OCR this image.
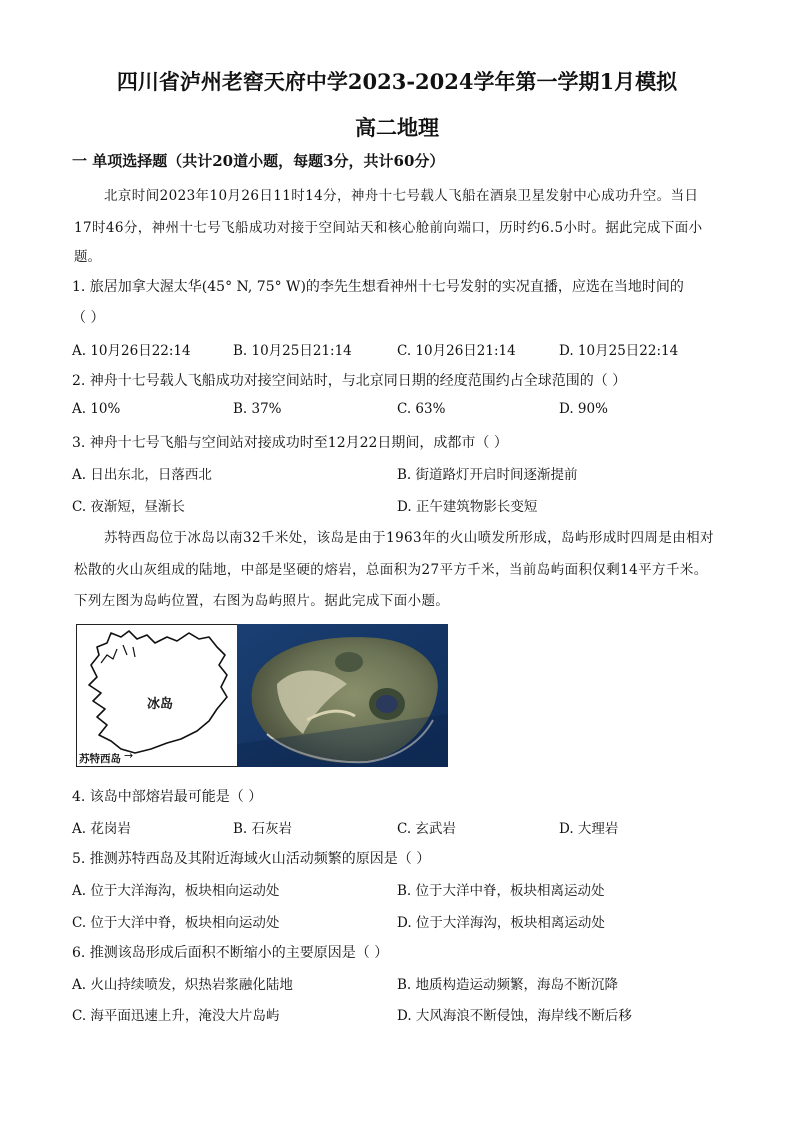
四川省泸州老窖天府中学2023-2024学年第一学期1月模拟
高二地理
一 单项选择题（共计20道小题，每题3分，共计60分）
北京时间2023年10月26日11时14分，神舟十七号载人飞船在酒泉卫星发射中心成功升空。当日
17时46分，神州十七号飞船成功对接于空间站天和核心舱前向端口，历时约6.5小时。据此完成下面小
题。
1. 旅居加拿大渥太华(45° N, 75° W)的李先生想看神州十七号发射的实况直播，应选在当地时间的
（ ）
A. 10月26日22:14	B. 10月25日21:14	C. 10月26日21:14	D. 10月25日22:14
2. 神舟十七号载人飞船成功对接空间站时，与北京同日期的经度范围约占全球范围的（ ）
A. 10%	B. 37%	C. 63%	D. 90%
3. 神舟十七号飞船与空间站对接成功时至12月22日期间，成都市（ ）
A. 日出东北，日落西北	B. 街道路灯开启时间逐渐提前
C. 夜渐短，昼渐长	D. 正午建筑物影长变短
苏特西岛位于冰岛以南32千米处，该岛是由于1963年的火山喷发所形成，岛屿形成时四周是由相对
松散的火山灰组成的陆地，中部是坚硬的熔岩，总面积为27平方千米，当前岛屿面积仅剩14平方千米。
下列左图为岛屿位置，右图为岛屿照片。据此完成下面小题。
冰岛
苏特西岛 →
4. 该岛中部熔岩最可能是（ ）
A. 花岗岩	B. 石灰岩	C. 玄武岩	D. 大理岩
5. 推测苏特西岛及其附近海域火山活动频繁的原因是（ ）
A. 位于大洋海沟，板块相向运动处	B. 位于大洋中脊，板块相离运动处
C. 位于大洋中脊，板块相向运动处	D. 位于大洋海沟，板块相离运动处
6. 推测该岛形成后面积不断缩小的主要原因是（ ）
A. 火山持续喷发，炽热岩浆融化陆地	B. 地质构造运动频繁，海岛不断沉降
C. 海平面迅速上升，淹没大片岛屿	D. 大风海浪不断侵蚀，海岸线不断后移
